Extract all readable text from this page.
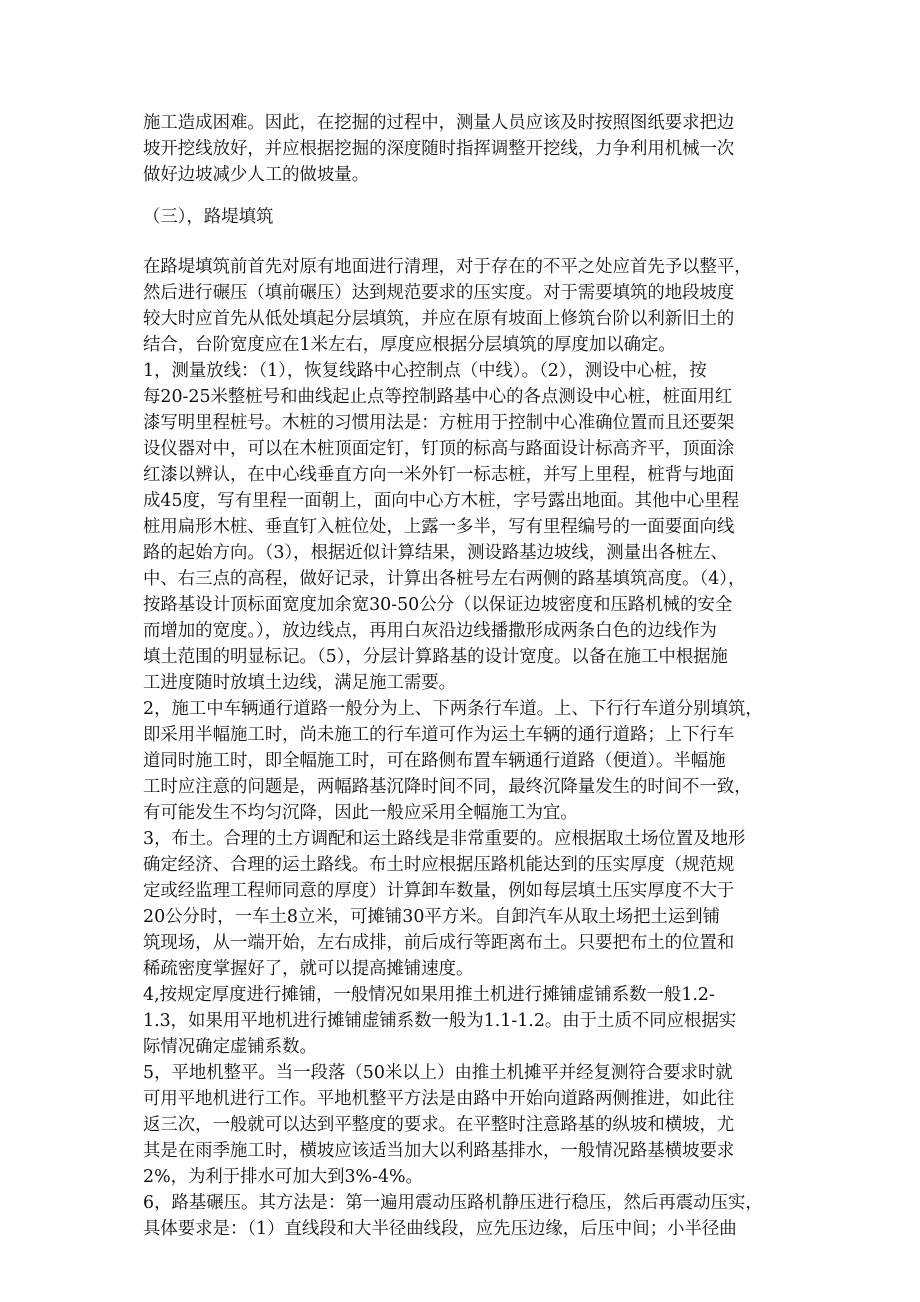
施工造成困难。因此，在挖掘的过程中，测量人员应该及时按照图纸要求把边
坡开挖线放好，并应根据挖掘的深度随时指挥调整开挖线，力争利用机械一次
做好边坡减少人工的做坡量。
（三），路堤填筑
在路堤填筑前首先对原有地面进行清理，对于存在的不平之处应首先予以整平，
然后进行碾压（填前碾压）达到规范要求的压实度。对于需要填筑的地段坡度
较大时应首先从低处填起分层填筑，并应在原有坡面上修筑台阶以利新旧土的
结合，台阶宽度应在1米左右，厚度应根据分层填筑的厚度加以确定。
1，测量放线：（1），恢复线路中心控制点（中线）。（2），测设中心桩，按
每20-25米整桩号和曲线起止点等控制路基中心的各点测设中心桩，桩面用红
漆写明里程桩号。木桩的习惯用法是：方桩用于控制中心准确位置而且还要架
设仪器对中，可以在木桩顶面定钉，钉顶的标高与路面设计标高齐平，顶面涂
红漆以辨认，在中心线垂直方向一米外钉一标志桩，并写上里程，桩背与地面
成45度，写有里程一面朝上，面向中心方木桩，字号露出地面。其他中心里程
桩用扁形木桩、垂直钉入桩位处，上露一多半，写有里程编号的一面要面向线
路的起始方向。（3），根据近似计算结果，测设路基边坡线，测量出各桩左、
中、右三点的高程，做好记录，计算出各桩号左右两侧的路基填筑高度。（4），
按路基设计顶标面宽度加余宽30-50公分（以保证边坡密度和压路机械的安全
而增加的宽度。），放边线点，再用白灰沿边线播撒形成两条白色的边线作为
填土范围的明显标记。（5），分层计算路基的设计宽度。以备在施工中根据施
工进度随时放填土边线，满足施工需要。
2，施工中车辆通行道路一般分为上、下两条行车道。上、下行行车道分别填筑，
即采用半幅施工时，尚未施工的行车道可作为运土车辆的通行道路；上下行车
道同时施工时，即全幅施工时，可在路侧布置车辆通行道路（便道）。半幅施
工时应注意的问题是，两幅路基沉降时间不同，最终沉降量发生的时间不一致，
有可能发生不均匀沉降，因此一般应采用全幅施工为宜。
3，布土。合理的土方调配和运土路线是非常重要的。应根据取土场位置及地形
确定经济、合理的运土路线。布土时应根据压路机能达到的压实厚度（规范规
定或经监理工程师同意的厚度）计算卸车数量，例如每层填土压实厚度不大于
20公分时，一车土8立米，可摊铺30平方米。自卸汽车从取土场把土运到铺
筑现场，从一端开始，左右成排，前后成行等距离布土。只要把布土的位置和
稀疏密度掌握好了，就可以提高摊铺速度。
4,按规定厚度进行摊铺，一般情况如果用推土机进行摊铺虚铺系数一般1.2-
1.3，如果用平地机进行摊铺虚铺系数一般为1.1-1.2。由于土质不同应根据实
际情况确定虚铺系数。
5，平地机整平。当一段落（50米以上）由推土机摊平并经复测符合要求时就
可用平地机进行工作。平地机整平方法是由路中开始向道路两侧推进，如此往
返三次，一般就可以达到平整度的要求。在平整时注意路基的纵坡和横坡，尤
其是在雨季施工时，横坡应该适当加大以利路基排水，一般情况路基横坡要求
2%，为利于排水可加大到3%-4%。
6，路基碾压。其方法是：第一遍用震动压路机静压进行稳压，然后再震动压实，
具体要求是：（1）直线段和大半径曲线段，应先压边缘，后压中间；小半径曲
